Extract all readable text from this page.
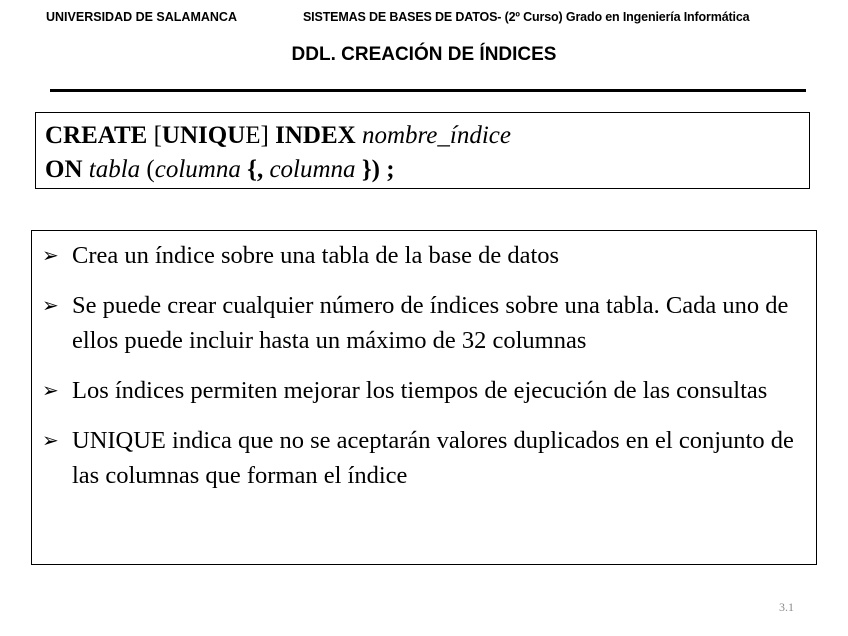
UNIVERSIDAD DE SALAMANCA	SISTEMAS DE BASES DE DATOS- (2º Curso) Grado en Ingeniería Informática
DDL. CREACIÓN DE ÍNDICES
CREATE [UNIQUE] INDEX nombre_índice
ON tabla (columna {, columna }) ;
➢ Crea un índice sobre una tabla de la base de datos
➢ Se puede crear cualquier número de índices sobre una tabla. Cada uno de ellos puede incluir hasta un máximo de 32 columnas
➢ Los índices permiten mejorar los tiempos de ejecución de las consultas
➢ UNIQUE indica que no se aceptarán valores duplicados en el conjunto de las columnas que forman el índice
3.1
